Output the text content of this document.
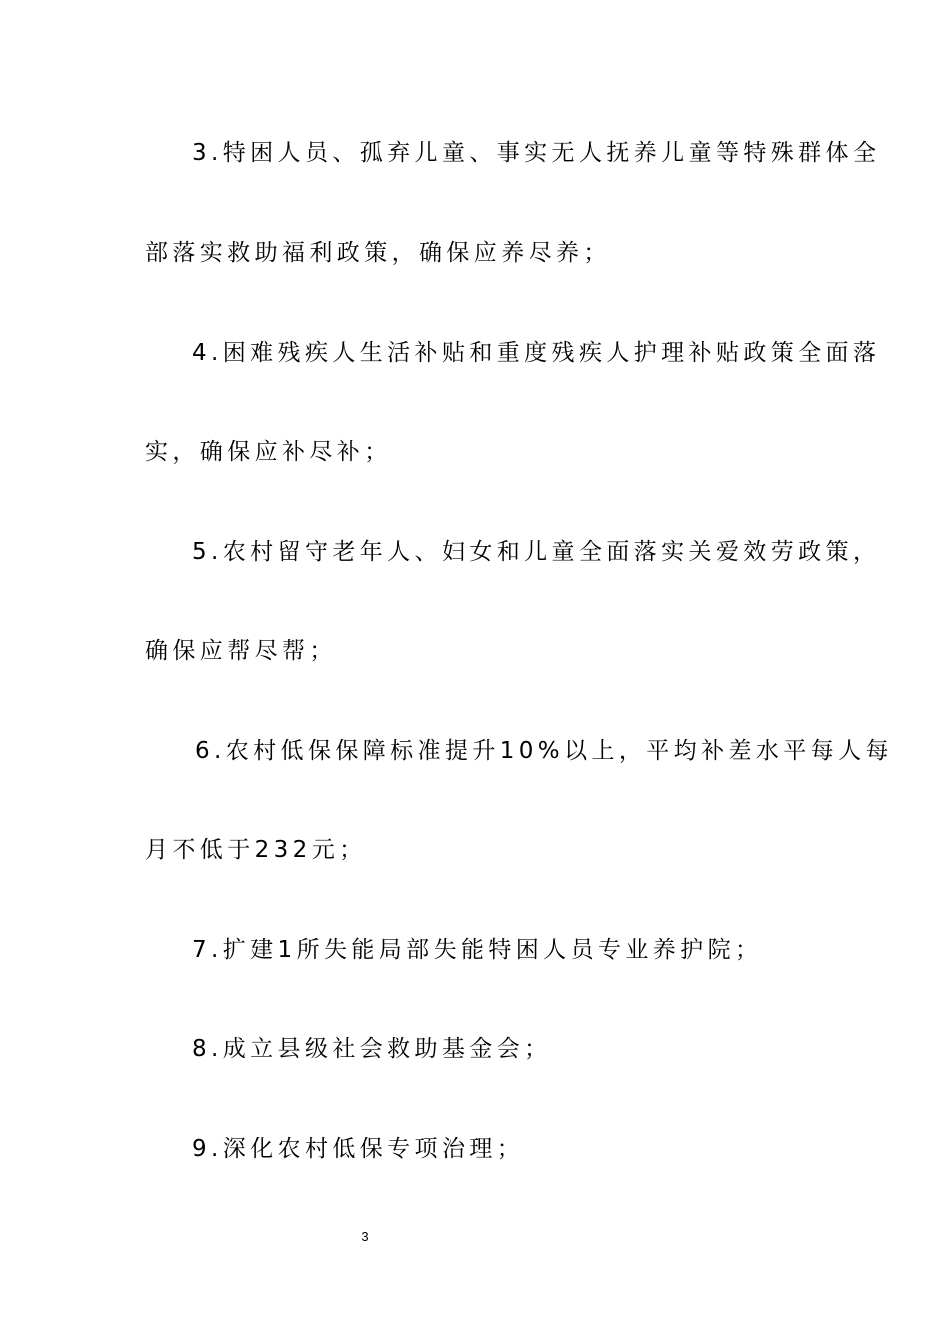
3.特困人员、孤弃儿童、事实无人抚养儿童等特殊群体全
部落实救助福利政策，确保应养尽养；
4.困难残疾人生活补贴和重度残疾人护理补贴政策全面落
实，确保应补尽补；
5.农村留守老年人、妇女和儿童全面落实关爱效劳政策，
确保应帮尽帮；
6.农村低保保障标准提升10%以上，平均补差水平每人每
月不低于232元；
7.扩建1所失能局部失能特困人员专业养护院；
8.成立县级社会救助基金会；
9.深化农村低保专项治理；
3
